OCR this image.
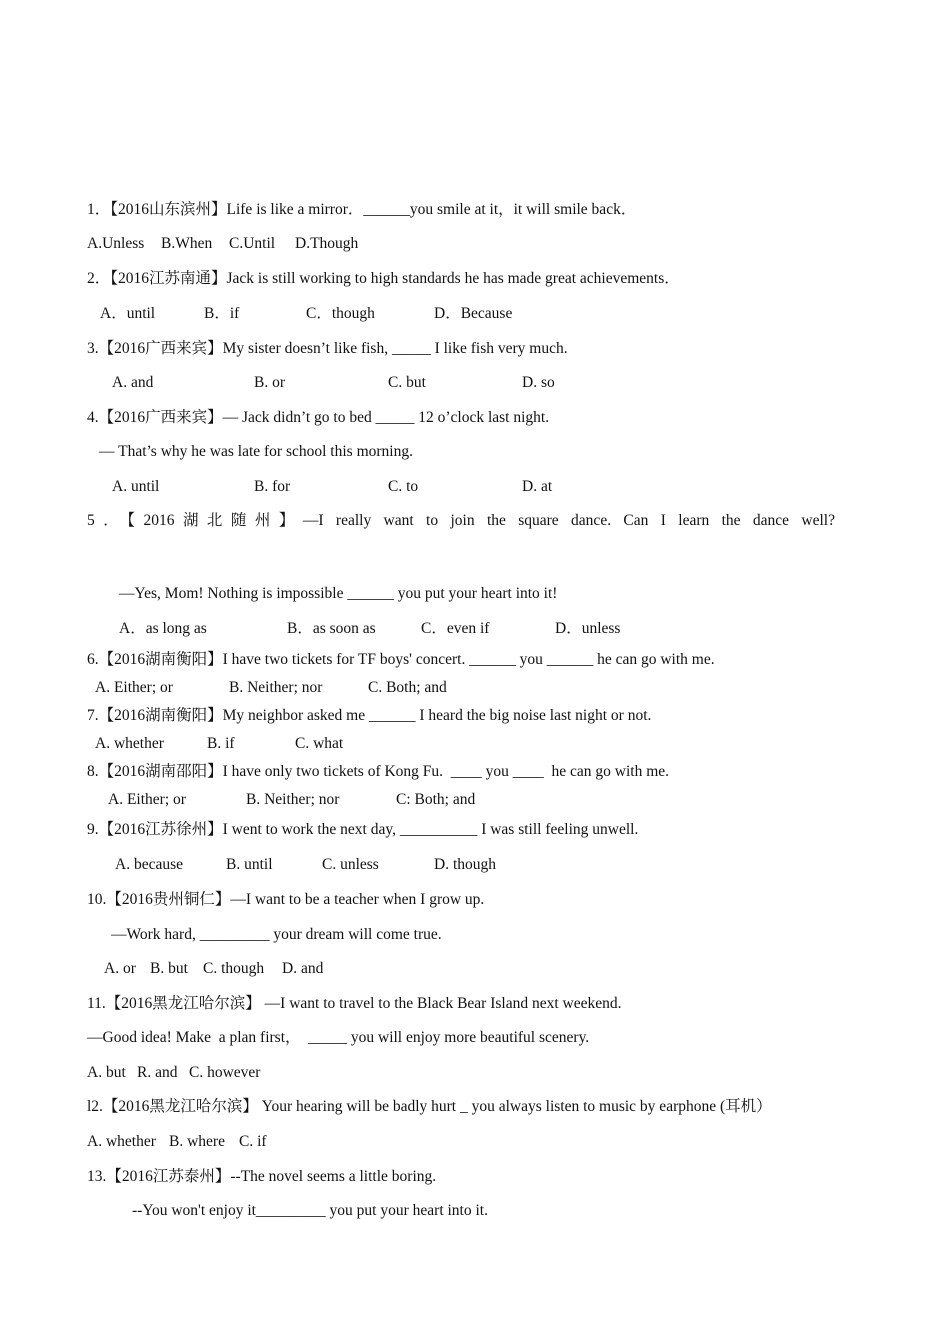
1．【2016山东滨州】Life is like a mirror．______you smile at it，it will smile back．
A.Unless	B.When	C.Until	D.Though
2．【2016江苏南通】Jack is still working to high standards he has made great achievements．
A．until	B．if	C．though	D．Because
3.【2016广西来宾】My sister doesn’t like fish, _____ I like fish very much.
A. and	B. or	C. but	D. so
4.【2016广西来宾】— Jack didn’t go to bed _____ 12 o’clock last night.
— That’s why he was late for school this morning.
A. until	B. for	C. to	D. at
5．【2016湖北随州】—I really want to join the square dance. Can I learn the dance well?
—Yes, Mom! Nothing is impossible ______ you put your heart into it!
A．as long as	B．as soon as	C．even if	D．unless
6.【2016湖南衡阳】I have two tickets for TF boys' concert. ______ you ______ he can go with me.
A. Either; or	B. Neither; nor	C. Both; and
7.【2016湖南衡阳】My neighbor asked me ______ I heard the big noise last night or not.
A. whether	B. if	C. what
8.【2016湖南邵阳】I have only two tickets of Kong Fu.  ____ you ____  he can go with me.
A. Either; or	B. Neither; nor	C: Both; and
9.【2016江苏徐州】I went to work the next day, __________ I was still feeling unwell.
A. because	B. until	C. unless	D. though
10.【2016贵州铜仁】—I want to be a teacher when I grow up.
—Work hard, _________ your dream will come true.
A. or B. but C. though	D. and
11.【2016黑龙江哈尔滨】 —I want to travel to the Black Bear Island next weekend.
—Good idea! Make  a plan first，  _____ you will enjoy more beautiful scenery.
A. but R. and C. however
l2.【2016黑龙江哈尔滨】 Your hearing will be badly hurt _ you always listen to music by earphone (耳机）
A. whether B. where C. if
13.【2016江苏泰州】--The novel seems a little boring.
--You won't enjoy it_________ you put your heart into it.
